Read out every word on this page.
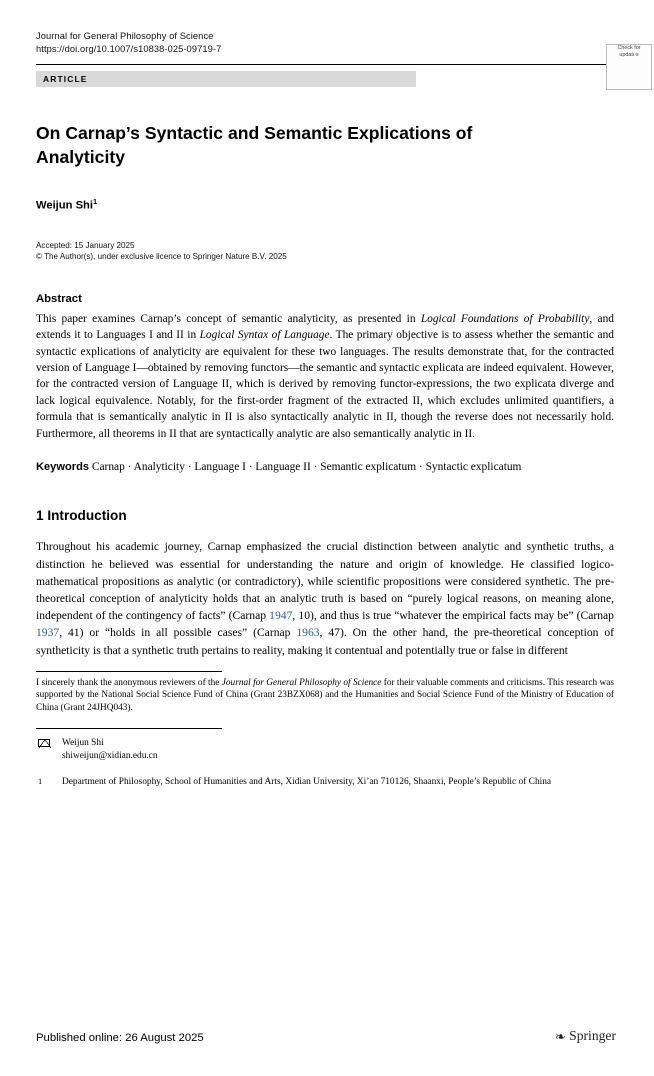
Journal for General Philosophy of Science
https://doi.org/10.1007/s10838-025-09719-7
ARTICLE
On Carnap’s Syntactic and Semantic Explications of Analyticity
Weijun Shi$^1$
Accepted: 15 January 2025
© The Author(s), under exclusive licence to Springer Nature B.V. 2025
Abstract
This paper examines Carnap’s concept of semantic analyticity, as presented in Logical Foundations of Probability, and extends it to Languages I and II in Logical Syntax of Language. The primary objective is to assess whether the semantic and syntactic explications of analyticity are equivalent for these two languages. The results demonstrate that, for the contracted version of Language I—obtained by removing functors—the semantic and syntactic explicata are indeed equivalent. However, for the contracted version of Language II, which is derived by removing functor-expressions, the two explicata diverge and lack logical equivalence. Notably, for the first-order fragment of the extracted II, which excludes unlimited quantifiers, a formula that is semantically analytic in II is also syntactically analytic in II, though the reverse does not necessarily hold. Furthermore, all theorems in II that are syntactically analytic are also semantically analytic in II.
Keywords Carnap · Analyticity · Language I · Language II · Semantic explicatum · Syntactic explicatum
1 Introduction
Throughout his academic journey, Carnap emphasized the crucial distinction between analytic and synthetic truths, a distinction he believed was essential for understanding the nature and origin of knowledge. He classified logico-mathematical propositions as analytic (or contradictory), while scientific propositions were considered synthetic. The pre-theoretical conception of analyticity holds that an analytic truth is based on “purely logical reasons, on meaning alone, independent of the contingency of facts” (Carnap 1947, 10), and thus is true “whatever the empirical facts may be” (Carnap 1937, 41) or “holds in all possible cases” (Carnap 1963, 47). On the other hand, the pre-theoretical conception of syntheticity is that a synthetic truth pertains to reality, making it contentual and potentially true or false in different
I sincerely thank the anonymous reviewers of the Journal for General Philosophy of Science for their valuable comments and criticisms. This research was supported by the National Social Science Fund of China (Grant 23BZX068) and the Humanities and Social Science Fund of the Ministry of Education of China (Grant 24JHQ043).
Weijun Shi
shiweijun@xidian.edu.cn
1 Department of Philosophy, School of Humanities and Arts, Xidian University, Xi’an 710126, Shaanxi, People’s Republic of China
Check for
updates
Published online: 26 August 2025	❧ Springer
